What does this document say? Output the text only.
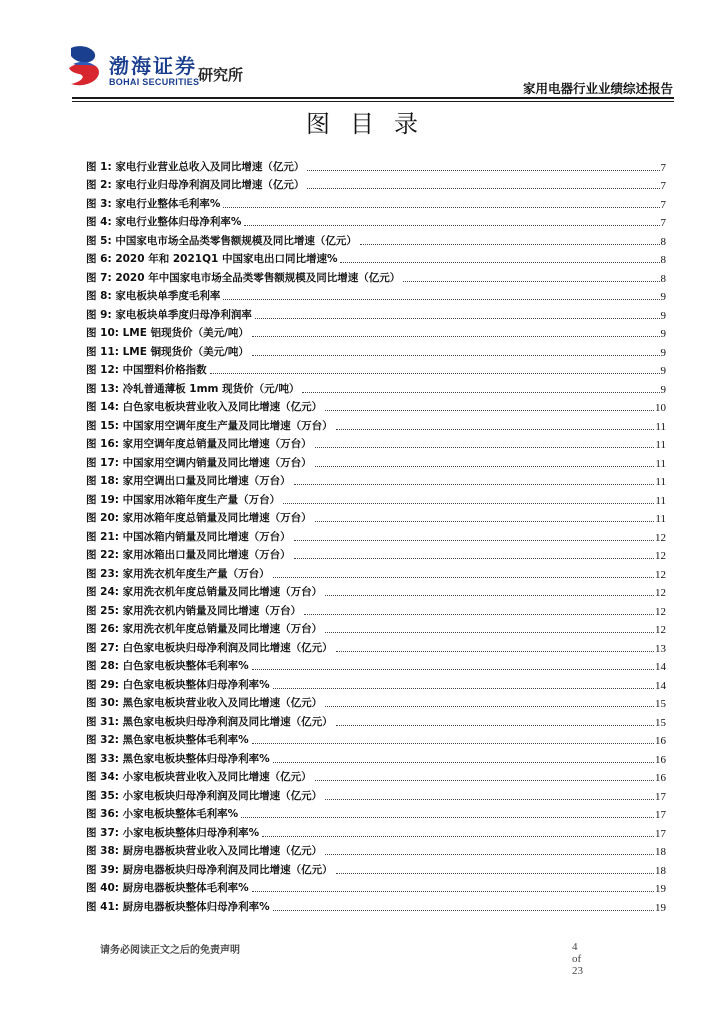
渤海证券
BOHAI SECURITIES
研究所
家用电器行业业绩综述报告
图目录
图 1: 家电行业营业总收入及同比增速（亿元）	7
图 2: 家电行业归母净利润及同比增速（亿元）	7
图 3: 家电行业整体毛利率%	7
图 4: 家电行业整体归母净利率%	7
图 5: 中国家电市场全品类零售额规模及同比增速（亿元）	8
图 6: 2020 年和 2021Q1 中国家电出口同比增速%	8
图 7: 2020 年中国家电市场全品类零售额规模及同比增速（亿元）	8
图 8: 家电板块单季度毛利率	9
图 9: 家电板块单季度归母净利润率	9
图 10: LME 铝现货价（美元/吨）	9
图 11: LME 铜现货价（美元/吨）	9
图 12: 中国塑料价格指数	9
图 13: 冷轧普通薄板 1mm 现货价（元/吨）	9
图 14: 白色家电板块营业收入及同比增速（亿元）	10
图 15: 中国家用空调年度生产量及同比增速（万台）	11
图 16: 家用空调年度总销量及同比增速（万台）	11
图 17: 中国家用空调内销量及同比增速（万台）	11
图 18: 家用空调出口量及同比增速（万台）	11
图 19: 中国家用冰箱年度生产量（万台）	11
图 20: 家用冰箱年度总销量及同比增速（万台）	11
图 21: 中国冰箱内销量及同比增速（万台）	12
图 22: 家用冰箱出口量及同比增速（万台）	12
图 23: 家用洗衣机年度生产量（万台）	12
图 24: 家用洗衣机年度总销量及同比增速（万台）	12
图 25: 家用洗衣机内销量及同比增速（万台）	12
图 26: 家用洗衣机年度总销量及同比增速（万台）	12
图 27: 白色家电板块归母净利润及同比增速（亿元）	13
图 28: 白色家电板块整体毛利率%	14
图 29: 白色家电板块整体归母净利率%	14
图 30: 黑色家电板块营业收入及同比增速（亿元）	15
图 31: 黑色家电板块归母净利润及同比增速（亿元）	15
图 32: 黑色家电板块整体毛利率%	16
图 33: 黑色家电板块整体归母净利率%	16
图 34: 小家电板块营业收入及同比增速（亿元）	16
图 35: 小家电板块归母净利润及同比增速（亿元）	17
图 36: 小家电板块整体毛利率%	17
图 37: 小家电板块整体归母净利率%	17
图 38: 厨房电器板块营业收入及同比增速（亿元）	18
图 39: 厨房电器板块归母净利润及同比增速（亿元）	18
图 40: 厨房电器板块整体毛利率%	19
图 41: 厨房电器板块整体归母净利率%	19
请务必阅读正文之后的免责声明	4 of 23
